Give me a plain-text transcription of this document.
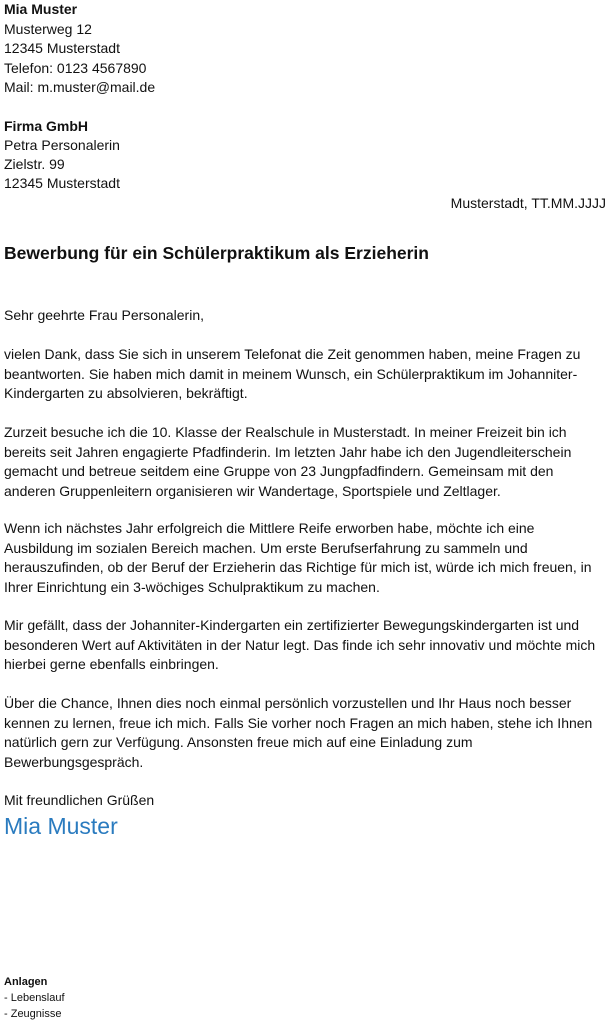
Mia Muster
Musterweg 12
12345 Musterstadt
Telefon: 0123 4567890
Mail: m.muster@mail.de
Firma GmbH
Petra Personalerin
Zielstr. 99
12345 Musterstadt
Musterstadt, TT.MM.JJJJ
Bewerbung für ein Schülerpraktikum als Erzieherin

Sehr geehrte Frau Personalerin,

vielen Dank, dass Sie sich in unserem Telefonat die Zeit genommen haben, meine Fragen zu beantworten. Sie haben mich damit in meinem Wunsch, ein Schülerpraktikum im Johanniter-Kindergarten zu absolvieren, bekräftigt.

Zurzeit besuche ich die 10. Klasse der Realschule in Musterstadt. In meiner Freizeit bin ich bereits seit Jahren engagierte Pfadfinderin. Im letzten Jahr habe ich den Jugendleiterschein gemacht und betreue seitdem eine Gruppe von 23 Jungpfadfindern. Gemeinsam mit den anderen Gruppenleitern organisieren wir Wandertage, Sportspiele und Zeltlager.

Wenn ich nächstes Jahr erfolgreich die Mittlere Reife erworben habe, möchte ich eine Ausbildung im sozialen Bereich machen. Um erste Berufserfahrung zu sammeln und herauszufinden, ob der Beruf der Erzieherin das Richtige für mich ist, würde ich mich freuen, in Ihrer Einrichtung ein 3-wöchiges Schulpraktikum zu machen.

Mir gefällt, dass der Johanniter-Kindergarten ein zertifizierter Bewegungskindergarten ist und besonderen Wert auf Aktivitäten in der Natur legt. Das finde ich sehr innovativ und möchte mich hierbei gerne ebenfalls einbringen.

Über die Chance, Ihnen dies noch einmal persönlich vorzustellen und Ihr Haus noch besser kennen zu lernen, freue ich mich. Falls Sie vorher noch Fragen an mich haben, stehe ich Ihnen natürlich gern zur Verfügung. Ansonsten freue mich auf eine Einladung zum Bewerbungsgespräch.

Mit freundlichen Grüßen

Mia Muster
Anlagen
- Lebenslauf
- Zeugnisse
